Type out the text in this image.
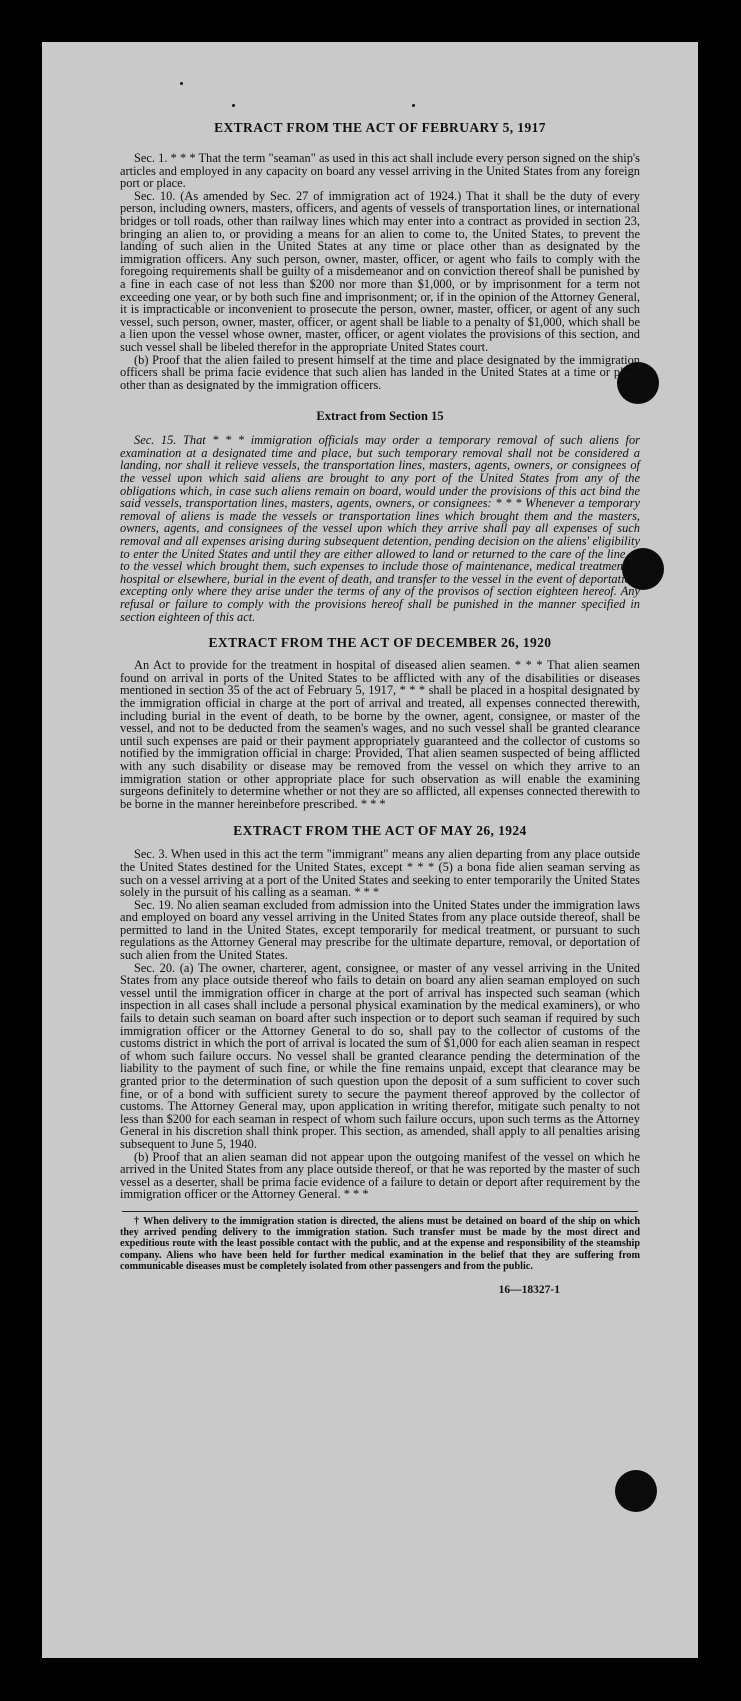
EXTRACT FROM THE ACT OF FEBRUARY 5, 1917

Sec. 1. * * * That the term "seaman" as used in this act shall include every person signed on the ship's articles and employed in any capacity on board any vessel arriving in the United States from any foreign port or place.

Sec. 10. (As amended by Sec. 27 of immigration act of 1924.) That it shall be the duty of every person, including owners, masters, officers, and agents of vessels of transportation lines, or international bridges or toll roads, other than railway lines which may enter into a contract as provided in section 23, bringing an alien to, or providing a means for an alien to come to, the United States, to prevent the landing of such alien in the United States at any time or place other than as designated by the immigration officers. Any such person, owner, master, officer, or agent who fails to comply with the foregoing requirements shall be guilty of a misdemeanor and on conviction thereof shall be punished by a fine in each case of not less than $200 nor more than $1,000, or by imprisonment for a term not exceeding one year, or by both such fine and imprisonment; or, if in the opinion of the Attorney General, it is impracticable or inconvenient to prosecute the person, owner, master, officer, or agent of any such vessel, such person, owner, master, officer, or agent shall be liable to a penalty of $1,000, which shall be a lien upon the vessel whose owner, master, officer, or agent violates the provisions of this section, and such vessel shall be libeled therefor in the appropriate United States court.

(b) Proof that the alien failed to present himself at the time and place designated by the immigration officers shall be prima facie evidence that such alien has landed in the United States at a time or place other than as designated by the immigration officers.

Extract from Section 15

Sec. 15. That * * * immigration officials may order a temporary removal of such aliens for examination at a designated time and place, but such temporary removal shall not be considered a landing, nor shall it relieve vessels, the transportation lines, masters, agents, owners, or consignees of the vessel upon which said aliens are brought to any port of the United States from any of the obligations which, in case such aliens remain on board, would under the provisions of this act bind the said vessels, transportation lines, masters, agents, owners, or consignees: * * * Whenever a temporary removal of aliens is made the vessels or transportation lines which brought them and the masters, owners, agents, and consignees of the vessel upon which they arrive shall pay all expenses of such removal and all expenses arising during subsequent detention, pending decision on the aliens' eligibility to enter the United States and until they are either allowed to land or returned to the care of the line or to the vessel which brought them, such expenses to include those of maintenance, medical treatment in hospital or elsewhere, burial in the event of death, and transfer to the vessel in the event of deportation, excepting only where they arise under the terms of any of the provisos of section eighteen hereof. Any refusal or failure to comply with the provisions hereof shall be punished in the manner specified in section eighteen of this act.

EXTRACT FROM THE ACT OF DECEMBER 26, 1920

An Act to provide for the treatment in hospital of diseased alien seamen. * * * That alien seamen found on arrival in ports of the United States to be afflicted with any of the disabilities or diseases mentioned in section 35 of the act of February 5, 1917, * * * shall be placed in a hospital designated by the immigration official in charge at the port of arrival and treated, all expenses connected therewith, including burial in the event of death, to be borne by the owner, agent, consignee, or master of the vessel, and not to be deducted from the seamen's wages, and no such vessel shall be granted clearance until such expenses are paid or their payment appropriately guaranteed and the collector of customs so notified by the immigration official in charge: Provided, That alien seamen suspected of being afflicted with any such disability or disease may be removed from the vessel on which they arrive to an immigration station or other appropriate place for such observation as will enable the examining surgeons definitely to determine whether or not they are so afflicted, all expenses connected therewith to be borne in the manner hereinbefore prescribed. * * *

EXTRACT FROM THE ACT OF MAY 26, 1924

Sec. 3. When used in this act the term "immigrant" means any alien departing from any place outside the United States destined for the United States, except * * * (5) a bona fide alien seaman serving as such on a vessel arriving at a port of the United States and seeking to enter temporarily the United States solely in the pursuit of his calling as a seaman. * * *

Sec. 19. No alien seaman excluded from admission into the United States under the immigration laws and employed on board any vessel arriving in the United States from any place outside thereof, shall be permitted to land in the United States, except temporarily for medical treatment, or pursuant to such regulations as the Attorney General may prescribe for the ultimate departure, removal, or deportation of such alien from the United States.

Sec. 20. (a) The owner, charterer, agent, consignee, or master of any vessel arriving in the United States from any place outside thereof who fails to detain on board any alien seaman employed on such vessel until the immigration officer in charge at the port of arrival has inspected such seaman (which inspection in all cases shall include a personal physical examination by the medical examiners), or who fails to detain such seaman on board after such inspection or to deport such seaman if required by such immigration officer or the Attorney General to do so, shall pay to the collector of customs of the customs district in which the port of arrival is located the sum of $1,000 for each alien seaman in respect of whom such failure occurs. No vessel shall be granted clearance pending the determination of the liability to the payment of such fine, or while the fine remains unpaid, except that clearance may be granted prior to the determination of such question upon the deposit of a sum sufficient to cover such fine, or of a bond with sufficient surety to secure the payment thereof approved by the collector of customs. The Attorney General may, upon application in writing therefor, mitigate such penalty to not less than $200 for each seaman in respect of whom such failure occurs, upon such terms as the Attorney General in his discretion shall think proper. This section, as amended, shall apply to all penalties arising subsequent to June 5, 1940.

(b) Proof that an alien seaman did not appear upon the outgoing manifest of the vessel on which he arrived in the United States from any place outside thereof, or that he was reported by the master of such vessel as a deserter, shall be prima facie evidence of a failure to detain or deport after requirement by the immigration officer or the Attorney General. * * *

† When delivery to the immigration station is directed, the aliens must be detained on board of the ship on which they arrived pending delivery to the immigration station. Such transfer must be made by the most direct and expeditious route with the least possible contact with the public, and at the expense and responsibility of the steamship company. Aliens who have been held for further medical examination in the belief that they are suffering from communicable diseases must be completely isolated from other passengers and from the public.

16—18327-1
